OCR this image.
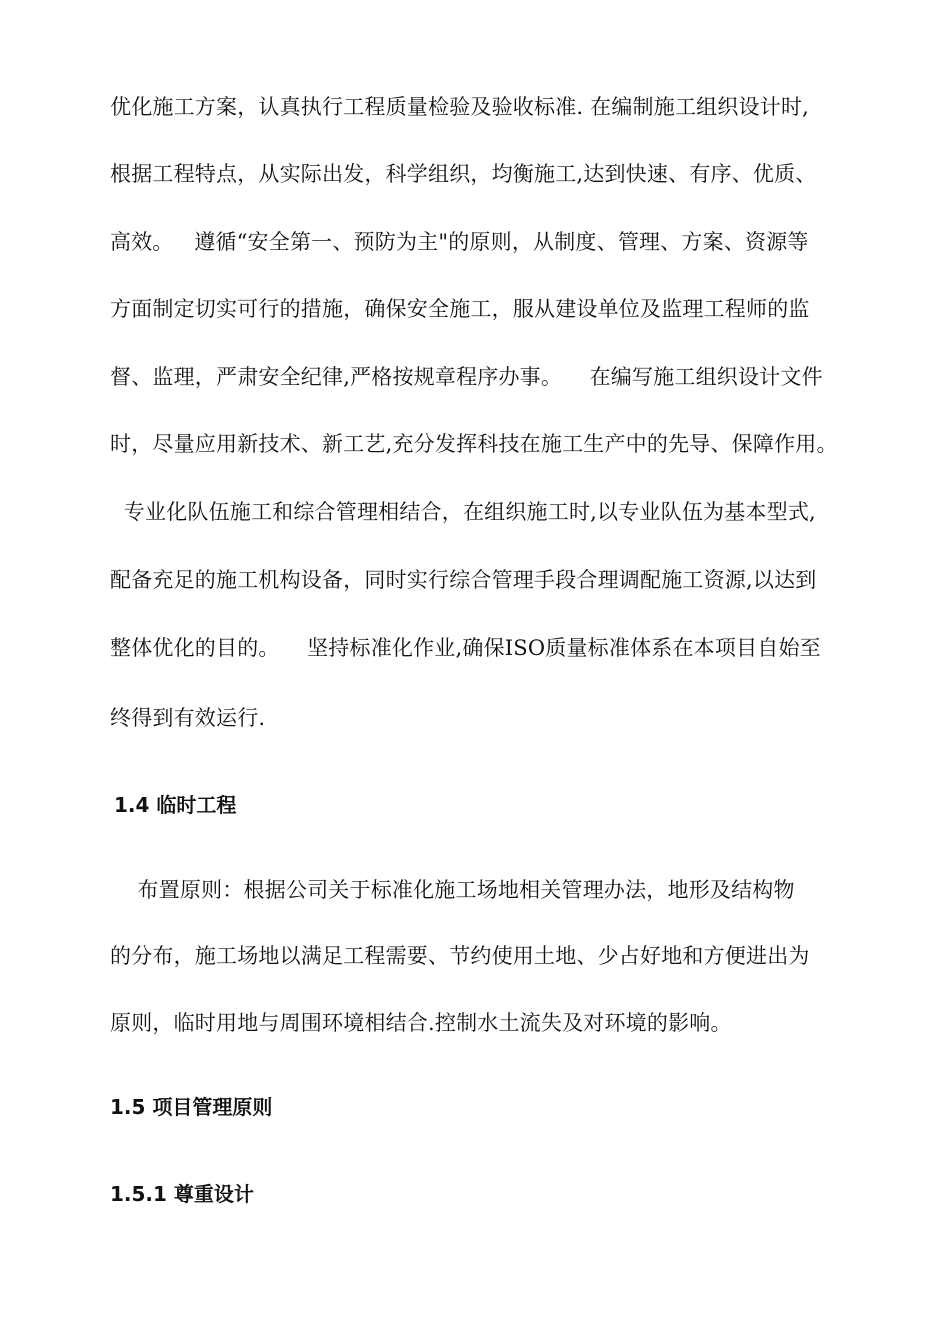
优化施工方案，认真执行工程质量检验及验收标准. 在编制施工组织设计时,
根据工程特点，从实际出发，科学组织，均衡施工,达到快速、有序、优质、
高效。   遵循“安全第一、预防为主"的原则，从制度、管理、方案、资源等
方面制定切实可行的措施，确保安全施工，服从建设单位及监理工程师的监
督、监理，严肃安全纪律,严格按规章程序办事。    在编写施工组织设计文件
时，尽量应用新技术、新工艺,充分发挥科技在施工生产中的先导、保障作用。
专业化队伍施工和综合管理相结合，在组织施工时,以专业队伍为基本型式,
配备充足的施工机构设备，同时实行综合管理手段合理调配施工资源,以达到
整体优化的目的。    坚持标准化作业,确保ISO质量标准体系在本项目自始至
终得到有效运行.
1.4 临时工程
布置原则：根据公司关于标准化施工场地相关管理办法，地形及结构物
的分布，施工场地以满足工程需要、节约使用土地、少占好地和方便进出为
原则，临时用地与周围环境相结合.控制水土流失及对环境的影响。
1.5 项目管理原则
1.5.1 尊重设计
